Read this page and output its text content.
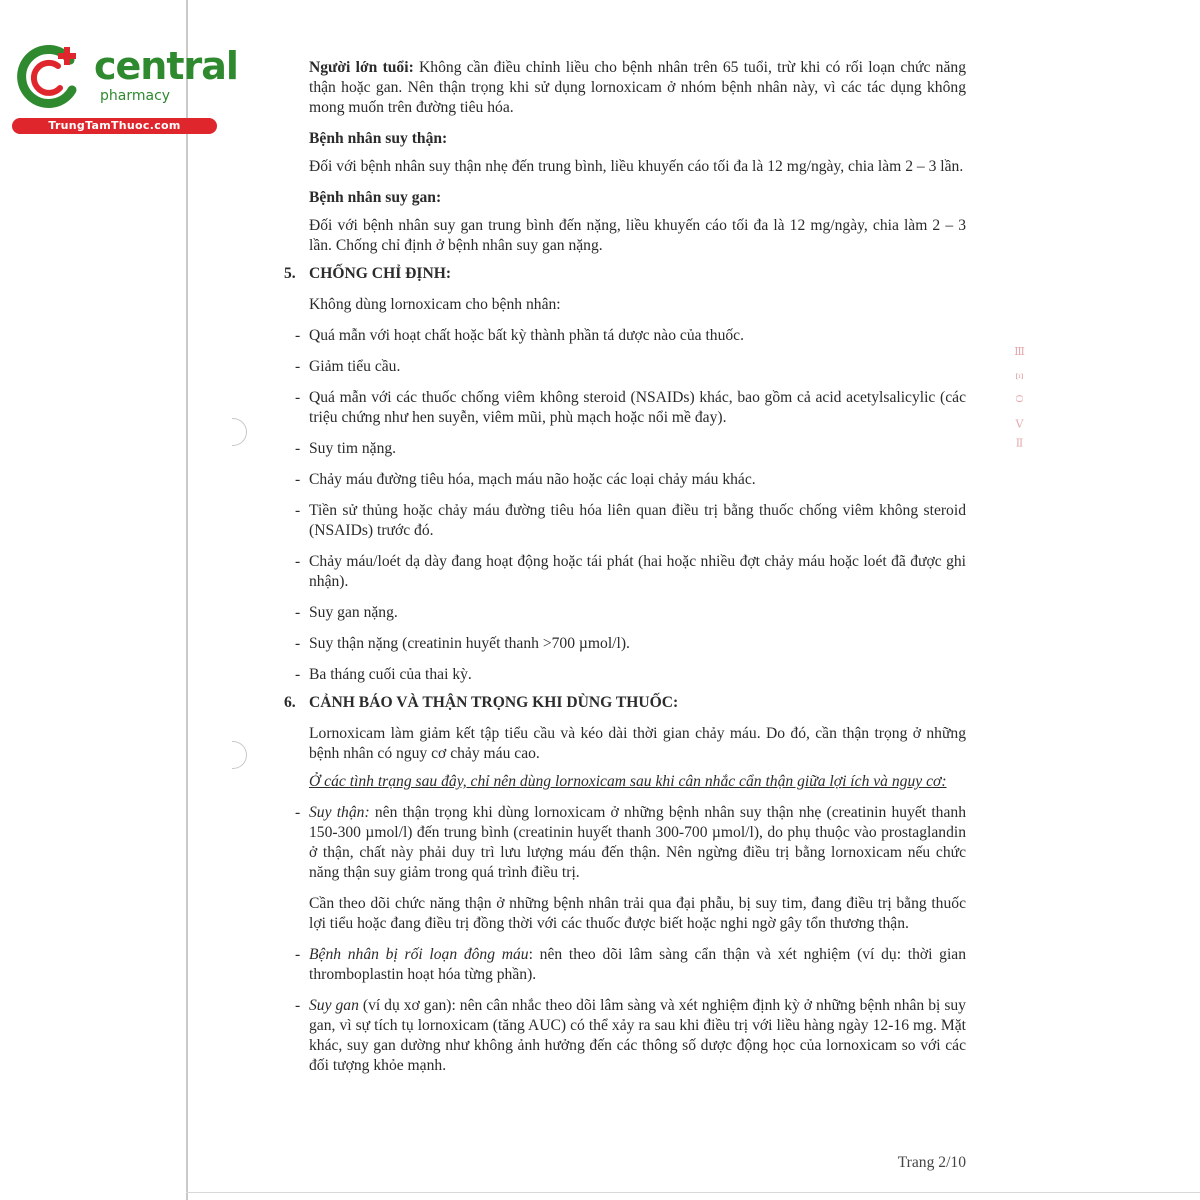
Ⅲ Ξ Ο ⅤⅡ
central
pharmacy
TrungTamThuoc.com

Người lớn tuổi: Không cần điều chỉnh liều cho bệnh nhân trên 65 tuổi, trừ khi có rối loạn chức năng thận hoặc gan. Nên thận trọng khi sử dụng lornoxicam ở nhóm bệnh nhân này, vì các tác dụng không mong muốn trên đường tiêu hóa.

Bệnh nhân suy thận:

Đối với bệnh nhân suy thận nhẹ đến trung bình, liều khuyến cáo tối đa là 12 mg/ngày, chia làm 2 – 3 lần.

Bệnh nhân suy gan:

Đối với bệnh nhân suy gan trung bình đến nặng, liều khuyến cáo tối đa là 12 mg/ngày, chia làm 2 – 3 lần. Chống chỉ định ở bệnh nhân suy gan nặng.

5. CHỐNG CHỈ ĐỊNH:

Không dùng lornoxicam cho bệnh nhân:

- Quá mẫn với hoạt chất hoặc bất kỳ thành phần tá dược nào của thuốc.
- Giảm tiểu cầu.
- Quá mẫn với các thuốc chống viêm không steroid (NSAIDs) khác, bao gồm cả acid acetylsalicylic (các triệu chứng như hen suyễn, viêm mũi, phù mạch hoặc nổi mề đay).
- Suy tim nặng.
- Chảy máu đường tiêu hóa, mạch máu não hoặc các loại chảy máu khác.
- Tiền sử thủng hoặc chảy máu đường tiêu hóa liên quan điều trị bằng thuốc chống viêm không steroid (NSAIDs) trước đó.
- Chảy máu/loét dạ dày đang hoạt động hoặc tái phát (hai hoặc nhiều đợt chảy máu hoặc loét đã được ghi nhận).
- Suy gan nặng.
- Suy thận nặng (creatinin huyết thanh >700 µmol/l).
- Ba tháng cuối của thai kỳ.
6. CẢNH BÁO VÀ THẬN TRỌNG KHI DÙNG THUỐC:

Lornoxicam làm giảm kết tập tiểu cầu và kéo dài thời gian chảy máu. Do đó, cần thận trọng ở những bệnh nhân có nguy cơ chảy máu cao.

Ở các tình trạng sau đây, chỉ nên dùng lornoxicam sau khi cân nhắc cẩn thận giữa lợi ích và nguy cơ:

- Suy thận: nên thận trọng khi dùng lornoxicam ở những bệnh nhân suy thận nhẹ (creatinin huyết thanh 150-300 µmol/l) đến trung bình (creatinin huyết thanh 300-700 µmol/l), do phụ thuộc vào prostaglandin ở thận, chất này phải duy trì lưu lượng máu đến thận. Nên ngừng điều trị bằng lornoxicam nếu chức năng thận suy giảm trong quá trình điều trị.

Cần theo dõi chức năng thận ở những bệnh nhân trải qua đại phẫu, bị suy tim, đang điều trị bằng thuốc lợi tiểu hoặc đang điều trị đồng thời với các thuốc được biết hoặc nghi ngờ gây tổn thương thận.

- Bệnh nhân bị rối loạn đông máu: nên theo dõi lâm sàng cẩn thận và xét nghiệm (ví dụ: thời gian thromboplastin hoạt hóa từng phần).
- Suy gan (ví dụ xơ gan): nên cân nhắc theo dõi lâm sàng và xét nghiệm định kỳ ở những bệnh nhân bị suy gan, vì sự tích tụ lornoxicam (tăng AUC) có thể xảy ra sau khi điều trị với liều hàng ngày 12-16 mg. Mặt khác, suy gan dường như không ảnh hưởng đến các thông số dược động học của lornoxicam so với các đối tượng khỏe mạnh.
Trang 2/10
